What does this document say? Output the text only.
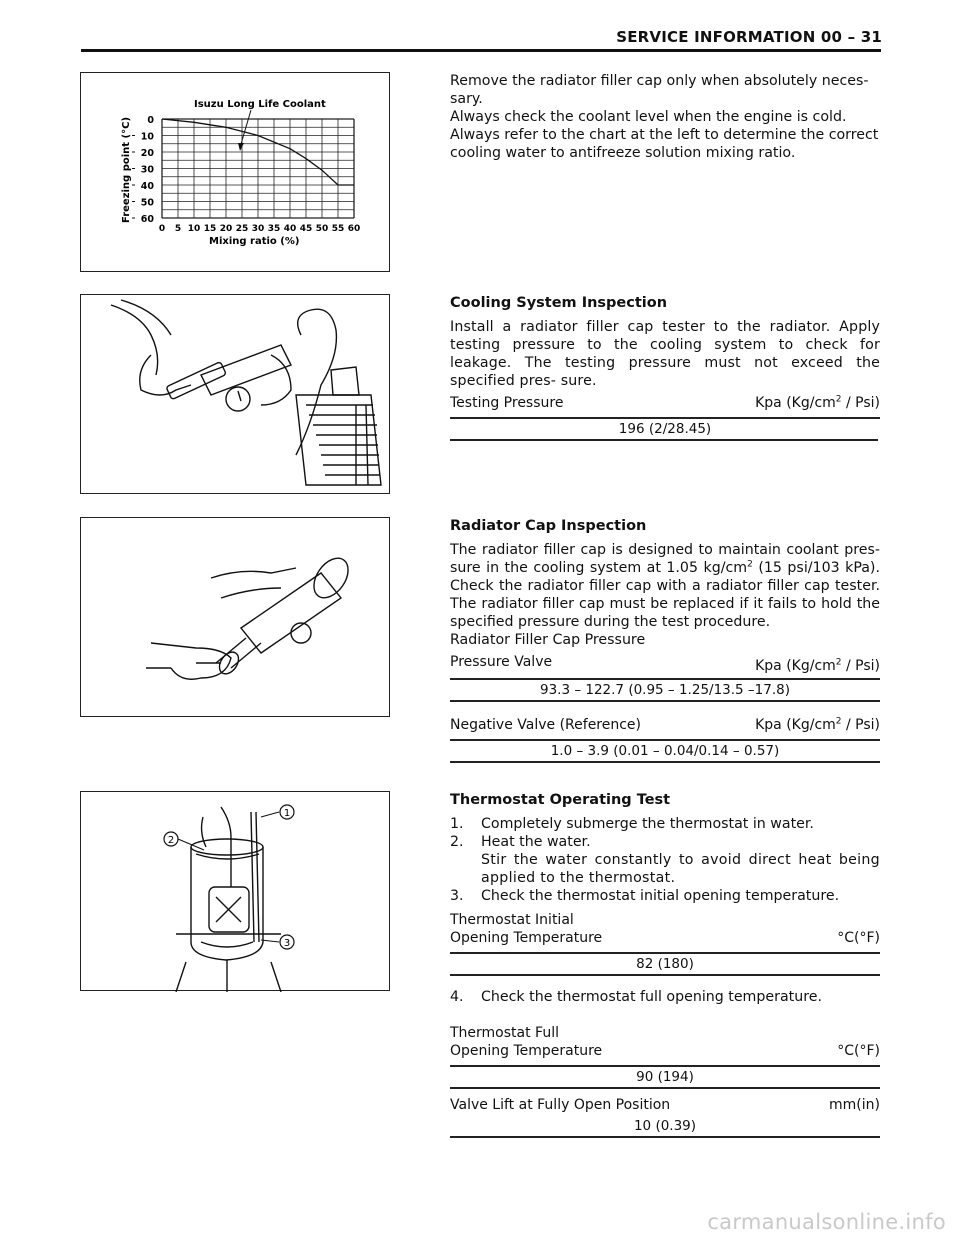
SERVICE INFORMATION 00 – 31
0
10
20
30
40
50
60
0 5 10 15 20 25 30 35 40 45 50 55 60
Isuzu Long Life Coolant
Mixing ratio (%)
Freezing point (°C)

Remove the radiator filler cap only when absolutely neces-

sary.

Always check the coolant level when the engine is cold.

Always refer to the chart at the left to determine the correct

cooling water to antifreeze solution mixing ratio.

Cooling System Inspection

Install a radiator filler cap tester to the radiator. Apply testing pressure to the cooling system to check for leakage. The testing pressure must not exceed the specified pres- sure.

Testing Pressure	Kpa $(Kg/cm^2 / Psi)$
196 (2/28.45)

Radiator Cap Inspection

The radiator filler cap is designed to maintain coolant pres- sure in the cooling system at 1.05 $kg/cm^2$ (15 psi/103 kPa). Check the radiator filler cap with a radiator filler cap tester. The radiator filler cap must be replaced if it fails to hold the specified pressure during the test procedure.

Radiator Filler Cap Pressure

Pressure Valve	Kpa $(Kg/cm^2 / Psi)$
93.3 – 122.7 (0.95 – 1.25/13.5 –17.8)
Negative Valve (Reference)	Kpa $(Kg/cm^2 / Psi)$
1.0 – 3.9 (0.01 – 0.04/0.14 – 0.57)
1
2
3

Thermostat Operating Test

1. Completely submerge the thermostat in water.
2. Heat the water.
Stir the water constantly to avoid direct heat being applied to the thermostat.
3. Check the thermostat initial opening temperature.

Thermostat Initial

Opening Temperature	°C(°F)
82 (180)
4. Check the thermostat full opening temperature.

Thermostat Full

Opening Temperature	°C(°F)
90 (194)
Valve Lift at Fully Open Position	mm(in)
10 (0.39)
carmanualsonline.info
